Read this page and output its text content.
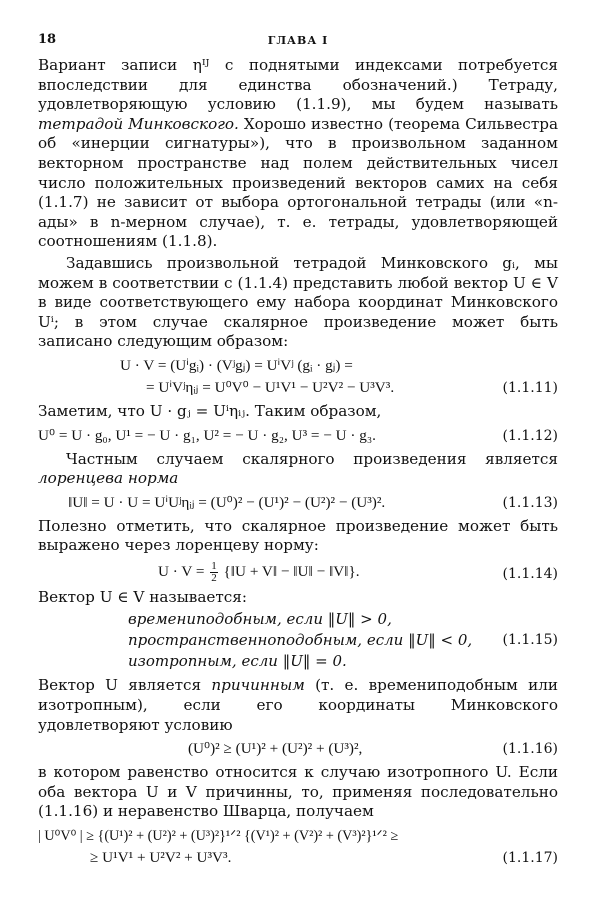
18	ГЛАВА I

Вариант записи ηᴵᴶ с поднятыми индексами потребуется впоследствии для единства обозначений.) Тетраду, удовлетворяющую условию (1.1.9), мы будем называть тетрадой Минковского. Хорошо известно (теорема Сильвестра об «инерции сигнатуры»), что в произвольном заданном векторном пространстве над полем действительных чисел число положительных произведений векторов самих на себя (1.1.7) не зависит от выбора ортогональной тетрады (или «n-ады» в n-мерном случае), т. е. тетрады, удовлетворяющей соотношениям (1.1.8).

Задавшись произвольной тетрадой Минковского gᵢ, мы можем в соответствии с (1.1.4) представить любой вектор U ∈ V в виде соответствующего ему набора координат Минковского Uⁱ; в этом случае скалярное произведение может быть записано следующим образом:

U · V = (Uⁱgᵢ) · (Vʲgⱼ) = UⁱVʲ (gᵢ · gⱼ) =
= UⁱVʲηᵢⱼ = U⁰V⁰ − U¹V¹ − U²V² − U³V³.	(1.1.11)

Заметим, что U · gⱼ = Uⁱηᵢⱼ. Таким образом,

U⁰ = U · g₀, U¹ = − U · g₁, U² = − U · g₂, U³ = − U · g₃.	(1.1.12)

Частным случаем скалярного произведения является лоренцева норма

‖U‖ = U · U = UⁱUʲηᵢⱼ = (U⁰)² − (U¹)² − (U²)² − (U³)².	(1.1.13)

Полезно отметить, что скалярное произведение может быть выражено через лоренцеву норму:

$U \cdot V = \frac{1}{2}$ {‖U + V‖ − ‖U‖ − ‖V‖}.	(1.1.14)

Вектор U ∈ V называется:

времениподобным, если ‖U‖ > 0,
пространственноподобным, если ‖U‖ < 0,
изотропным, если ‖U‖ = 0.
(1.1.15)

Вектор U является причинным (т. е. времениподобным или изотропным), если его координаты Минковского удовлетворяют условию

(U⁰)² ≥ (U¹)² + (U²)² + (U³)²,	(1.1.16)

в котором равенство относится к случаю изотропного U. Если оба вектора U и V причинны, то, применяя последовательно (1.1.16) и неравенство Шварца, получаем

| U⁰V⁰ | ≥ {(U¹)² + (U²)² + (U³)²}¹ᐟ² {(V¹)² + (V²)² + (V³)²}¹ᐟ² ≥
≥ U¹V¹ + U²V² + U³V³.	(1.1.17)
